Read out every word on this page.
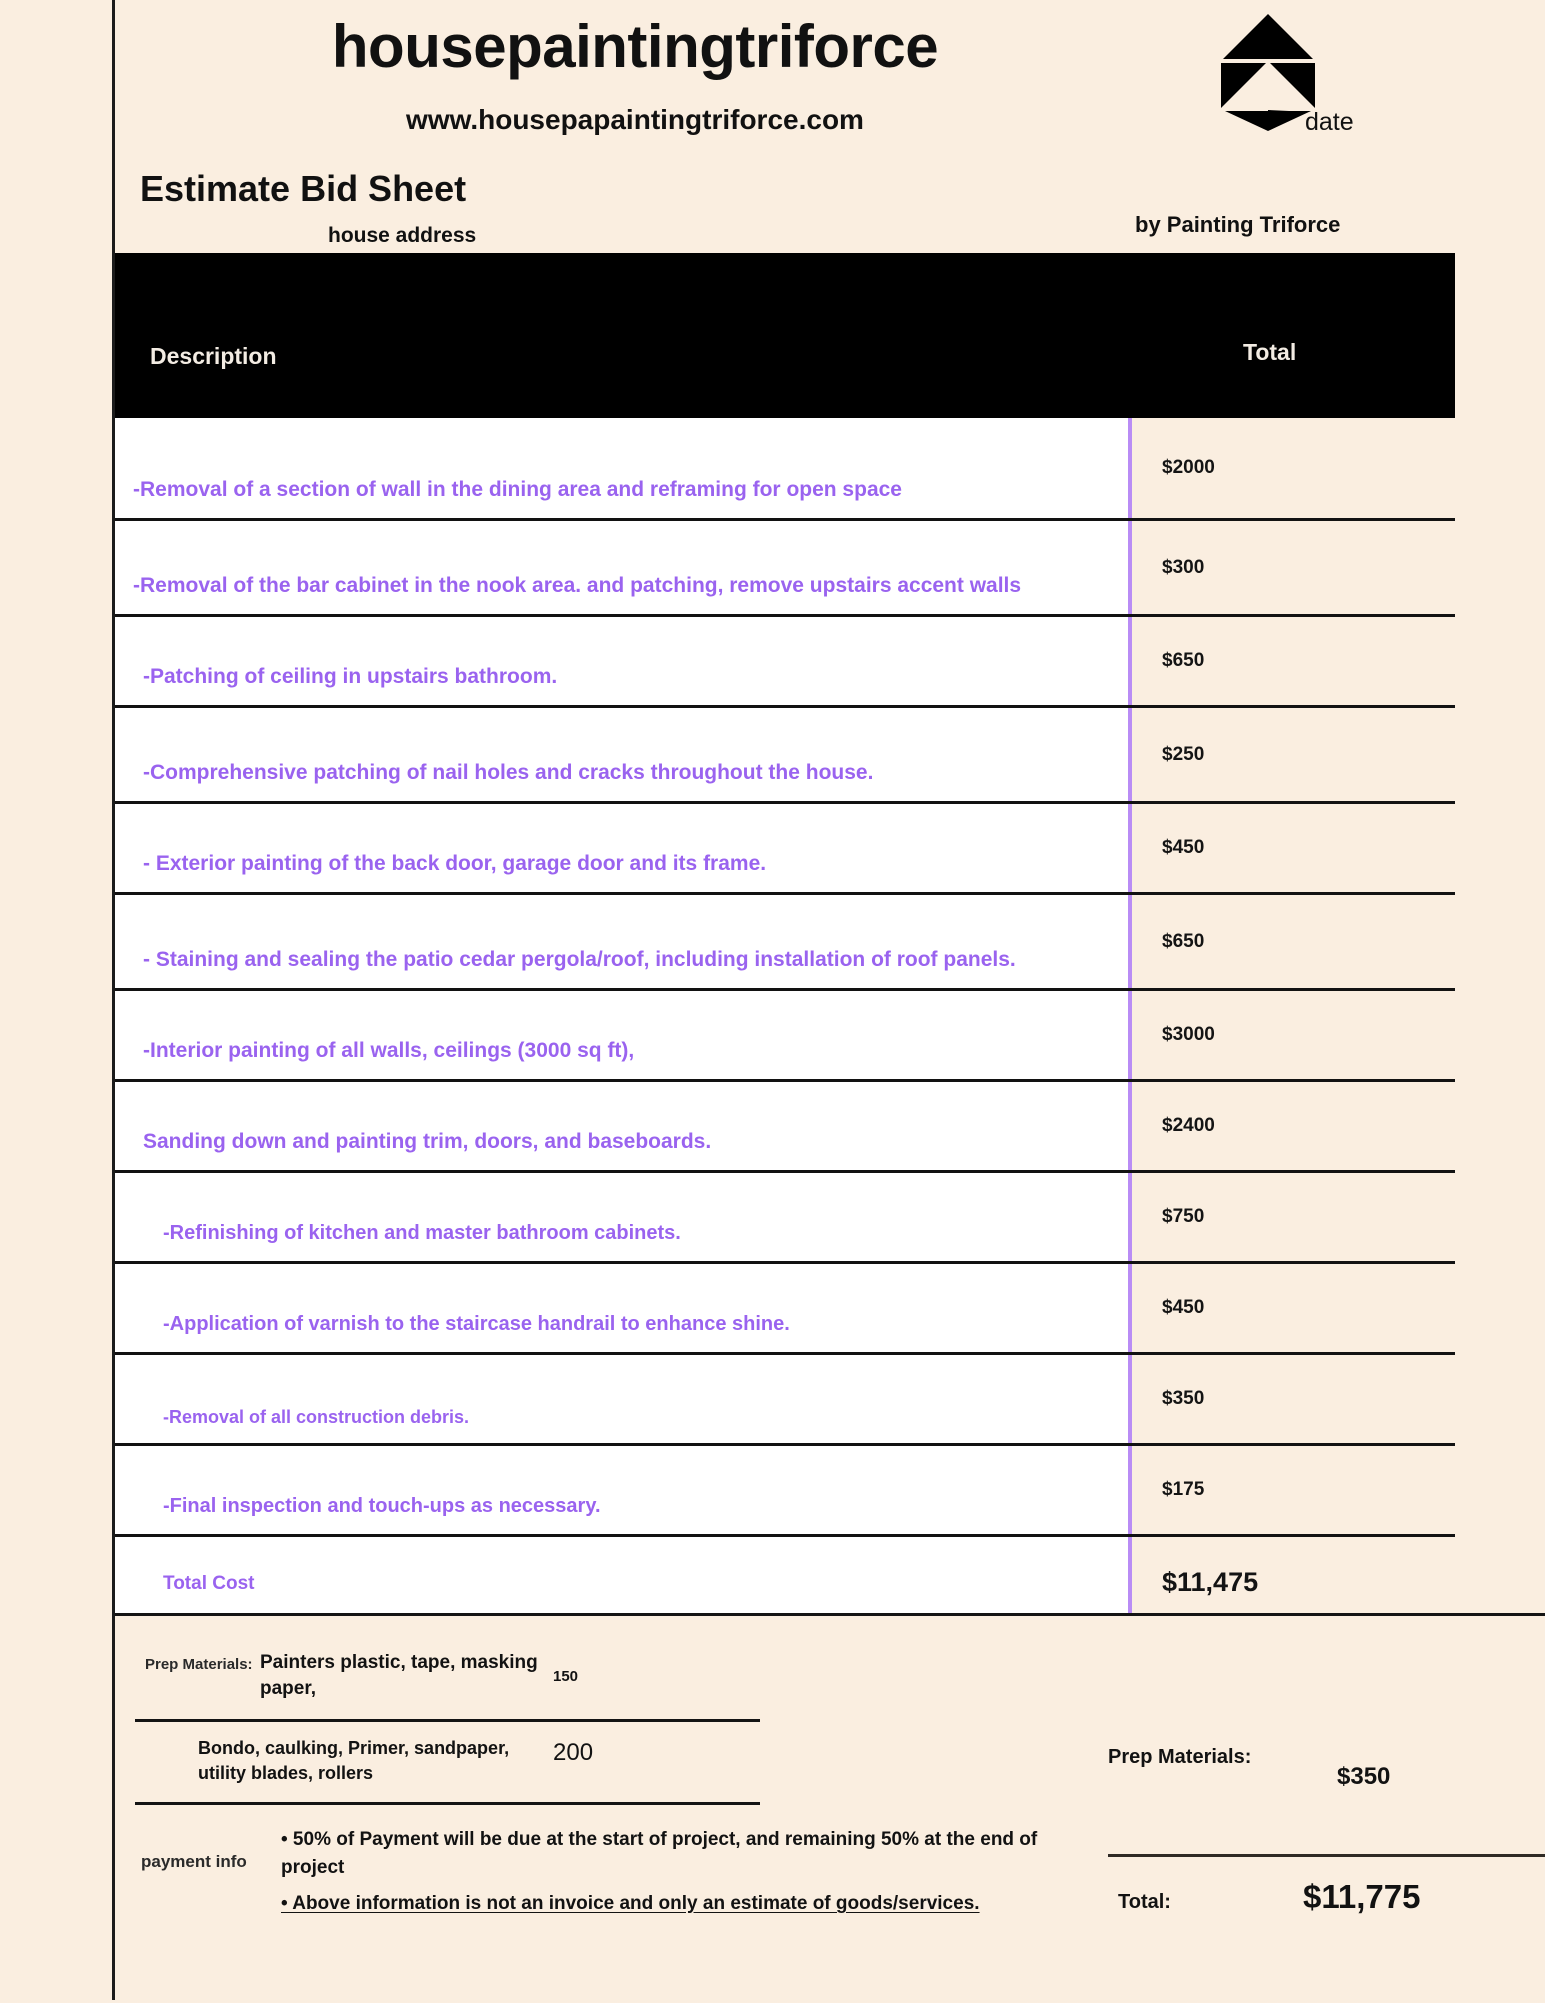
housepaintingtriforce
www.housepapaintingtriforce.com
Estimate Bid Sheet
house address	by Painting Triforce
date
Description	Total
-Removal of a section of wall in the dining area and reframing for open space
$2000
-Removal of the bar cabinet in the nook area. and patching, remove upstairs accent walls
$300
-Patching of ceiling in upstairs bathroom.
$650
-Comprehensive patching of nail holes and cracks throughout the house.
$250
- Exterior painting of the back door, garage door and its frame.
$450
- Staining and sealing the patio cedar pergola/roof, including installation of roof panels.
$650
-Interior painting of all walls, ceilings (3000 sq ft),
$3000
Sanding down and painting trim, doors, and baseboards.
$2400
-Refinishing of kitchen and master bathroom cabinets.
$750
-Application of varnish to the staircase handrail to enhance shine.
$450
-Removal of all construction debris.
$350
-Final inspection and touch-ups as necessary.
$175
Total Cost	$11,475
Prep Materials: Painters plastic, tape, masking paper,
150
Bondo, caulking, Primer, sandpaper, utility blades, rollers
200
payment info
• 50% of Payment will be due at the start of project, and remaining 50% at the end of project
• Above information is not an invoice and only an estimate of goods/services.
Prep Materials:
$350
Total:	$11,775
